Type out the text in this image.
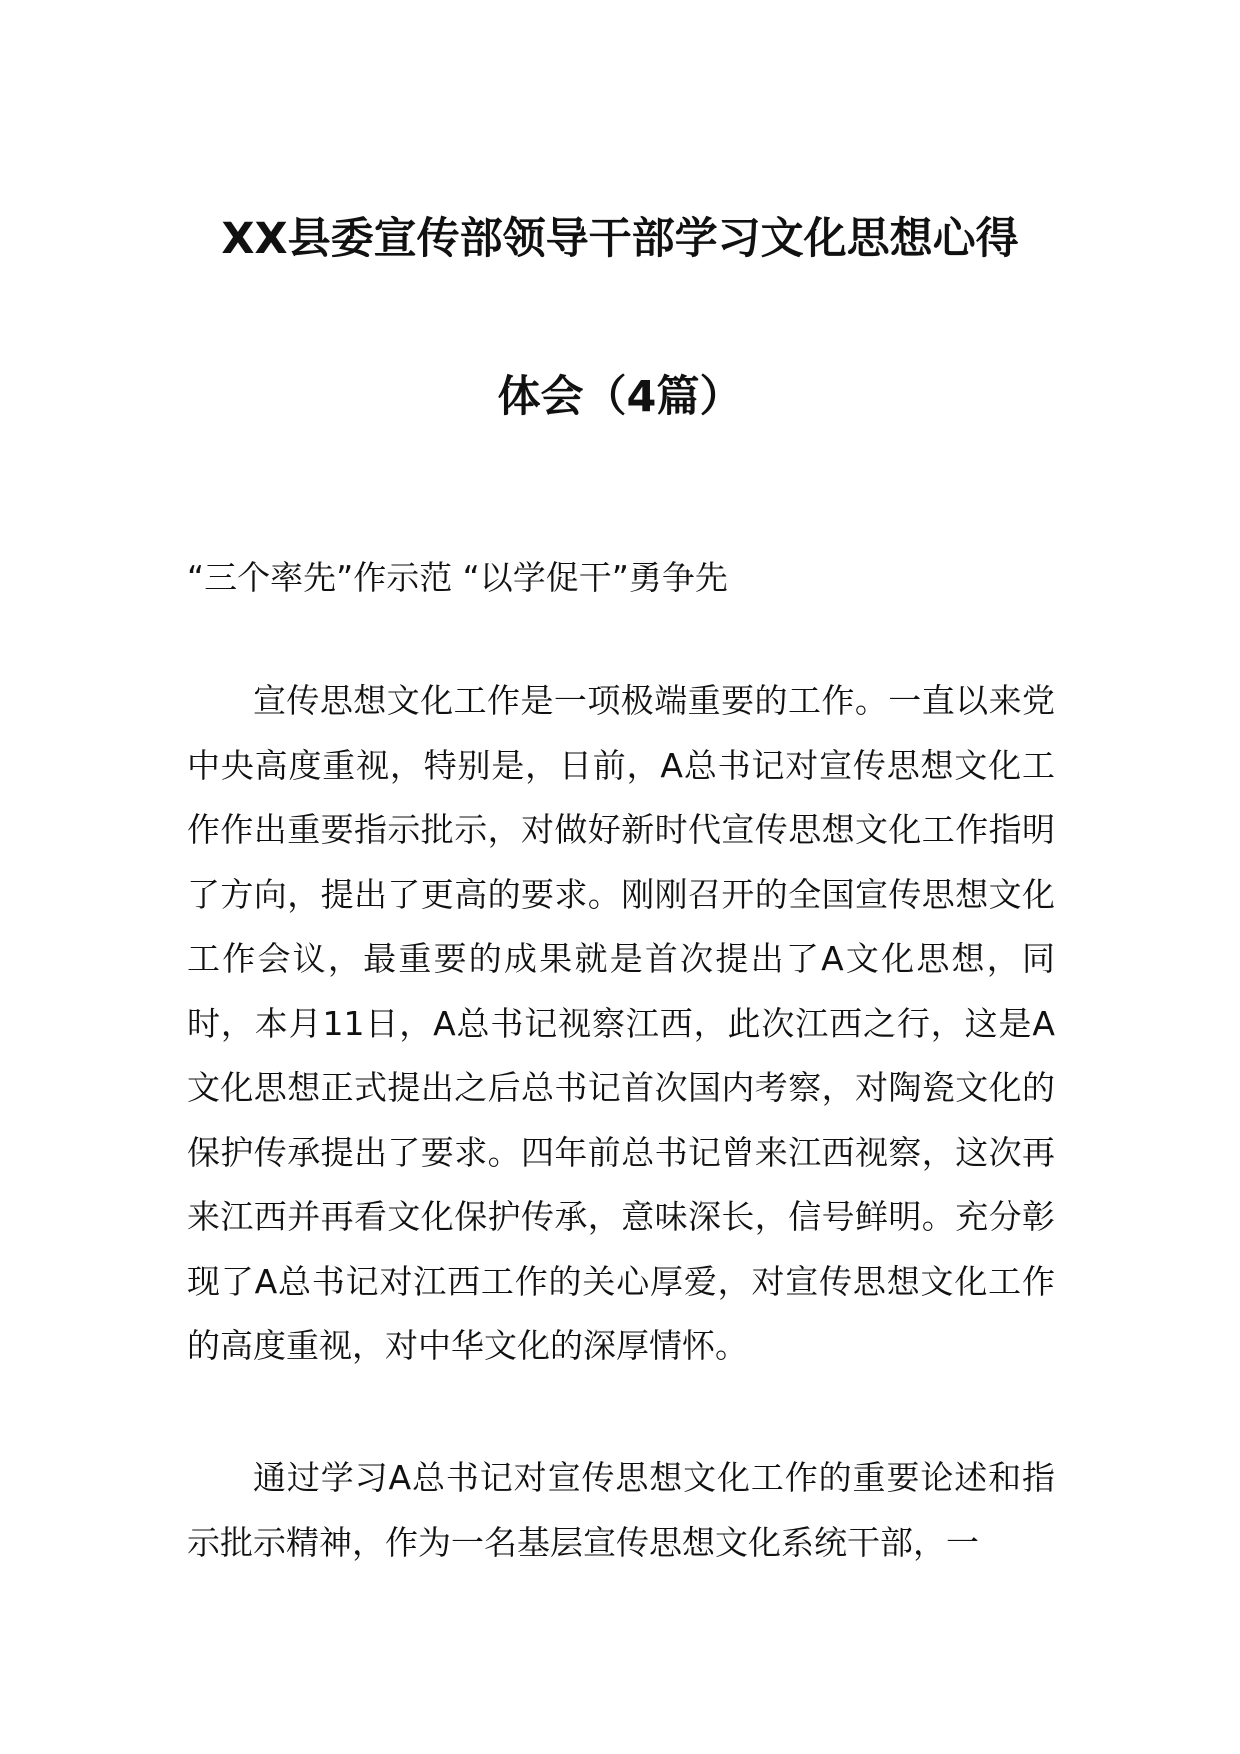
XX县委宣传部领导干部学习文化思想心得
体会（4篇）
“三个率先”作示范 “以学促干”勇争先

宣传思想文化工作是一项极端重要的工作。一直以来党中央高度重视，特别是，日前，A总书记对宣传思想文化工作作出重要指示批示，对做好新时代宣传思想文化工作指明了方向，提出了更高的要求。刚刚召开的全国宣传思想文化工作会议，最重要的成果就是首次提出了A文化思想，同时，本月11日，A总书记视察江西，此次江西之行，这是A文化思想正式提出之后总书记首次国内考察，对陶瓷文化的保护传承提出了要求。四年前总书记曾来江西视察，这次再来江西并再看文化保护传承，意味深长，信号鲜明。充分彰现了A总书记对江西工作的关心厚爱，对宣传思想文化工作的高度重视，对中华文化的深厚情怀。

通过学习A总书记对宣传思想文化工作的重要论述和指示批示精神，作为一名基层宣传思想文化系统干部，一
